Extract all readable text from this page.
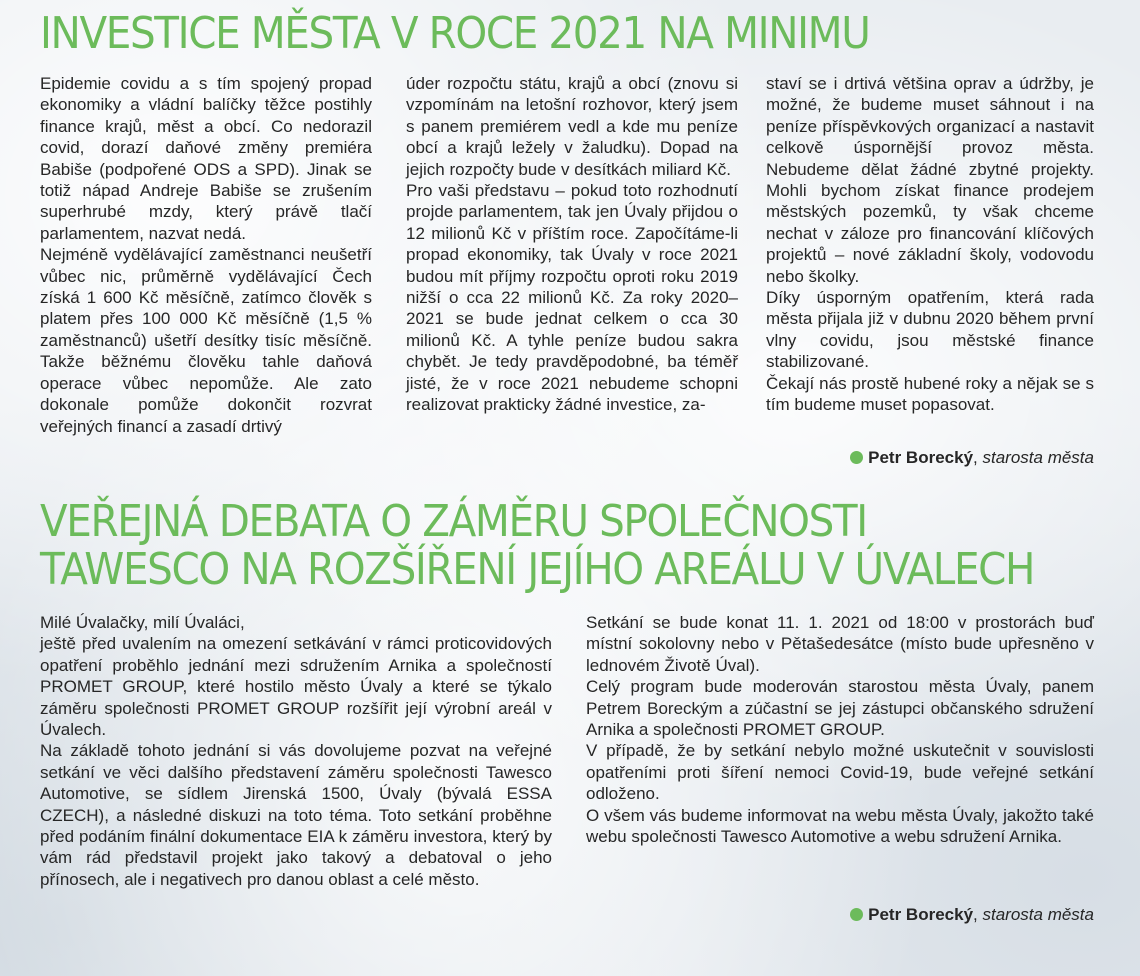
INVESTICE MĚSTA V ROCE 2021 NA MINIMU

Epidemie covidu a s tím spojený propad ekonomiky a vládní balíčky těžce postihly finance krajů, měst a obcí. Co nedorazil covid, dorazí daňové změny premiéra Babiše (podpořené ODS a SPD). Jinak se totiž nápad Andreje Babiše se zrušením superhrubé mzdy, který právě tlačí parlamentem, nazvat nedá.

Nejméně vydělávající zaměstnanci neušetří vůbec nic, průměrně vydělávající Čech získá 1 600 Kč měsíčně, zatímco člověk s platem přes 100 000 Kč měsíčně (1,5 % zaměstnanců) ušetří desítky tisíc měsíčně. Takže běžnému člověku tahle daňová operace vůbec nepomůže. Ale zato dokonale pomůže dokončit rozvrat veřejných financí a zasadí drtivý

úder rozpočtu státu, krajů a obcí (znovu si vzpomínám na letošní rozhovor, který jsem s panem premiérem vedl a kde mu peníze obcí a krajů ležely v žaludku). Dopad na jejich rozpočty bude v desítkách miliard Kč.

Pro vaši představu – pokud toto rozhodnutí projde parlamentem, tak jen Úvaly přijdou o 12 milionů Kč v příštím roce. Započítáme-li propad ekonomiky, tak Úvaly v roce 2021 budou mít příjmy rozpočtu oproti roku 2019 nižší o cca 22 milionů Kč. Za roky 2020–2021 se bude jednat celkem o cca 30 milionů Kč. A tyhle peníze budou sakra chybět. Je tedy pravděpodobné, ba téměř jisté, že v roce 2021 nebudeme schopni realizovat prakticky žádné investice, za-

staví se i drtivá většina oprav a údržby, je možné, že budeme muset sáhnout i na peníze příspěvkových organizací a nastavit celkově úspornější provoz města. Nebudeme dělat žádné zbytné projekty. Mohli bychom získat finance prodejem městských pozemků, ty však chceme nechat v záloze pro financování klíčových projektů – nové základní školy, vodovodu nebo školky.

Díky úsporným opatřením, která rada města přijala již v dubnu 2020 během první vlny covidu, jsou městské finance stabilizované.

Čekají nás prostě hubené roky a nějak se s tím budeme muset popasovat.

Petr Borecký, starosta města
VEŘEJNÁ DEBATA O ZÁMĚRU SPOLEČNOSTI
TAWESCO NA ROZŠÍŘENÍ JEJÍHO AREÁLU V ÚVALECH

Milé Úvalačky, milí Úvaláci,

ještě před uvalením na omezení setkávání v rámci proticovidových opatření proběhlo jednání mezi sdružením Arnika a společností PROMET GROUP, které hostilo město Úvaly a které se týkalo záměru společnosti PROMET GROUP rozšířit její výrobní areál v Úvalech.

Na základě tohoto jednání si vás dovolujeme pozvat na veřejné setkání ve věci dalšího představení záměru společnosti Tawesco Automotive, se sídlem Jirenská 1500, Úvaly (bývalá ESSA CZECH), a následné diskuzi na toto téma. Toto setkání proběhne před podáním finální dokumentace EIA k záměru investora, který by vám rád představil projekt jako takový a debatoval o jeho přínosech, ale i negativech pro danou oblast a celé město.

Setkání se bude konat 11. 1. 2021 od 18:00 v prostorách buď místní sokolovny nebo v Pětašedesátce (místo bude upřesněno v lednovém Životě Úval).

Celý program bude moderován starostou města Úvaly, panem Petrem Boreckým a zúčastní se jej zástupci občanského sdružení Arnika a společnosti PROMET GROUP.

V případě, že by setkání nebylo možné uskutečnit v souvislosti opatřeními proti šíření nemoci Covid-19, bude veřejné setkání odloženo.

O všem vás budeme informovat na webu města Úvaly, jakožto také webu společnosti Tawesco Automotive a webu sdružení Arnika.

Petr Borecký, starosta města
